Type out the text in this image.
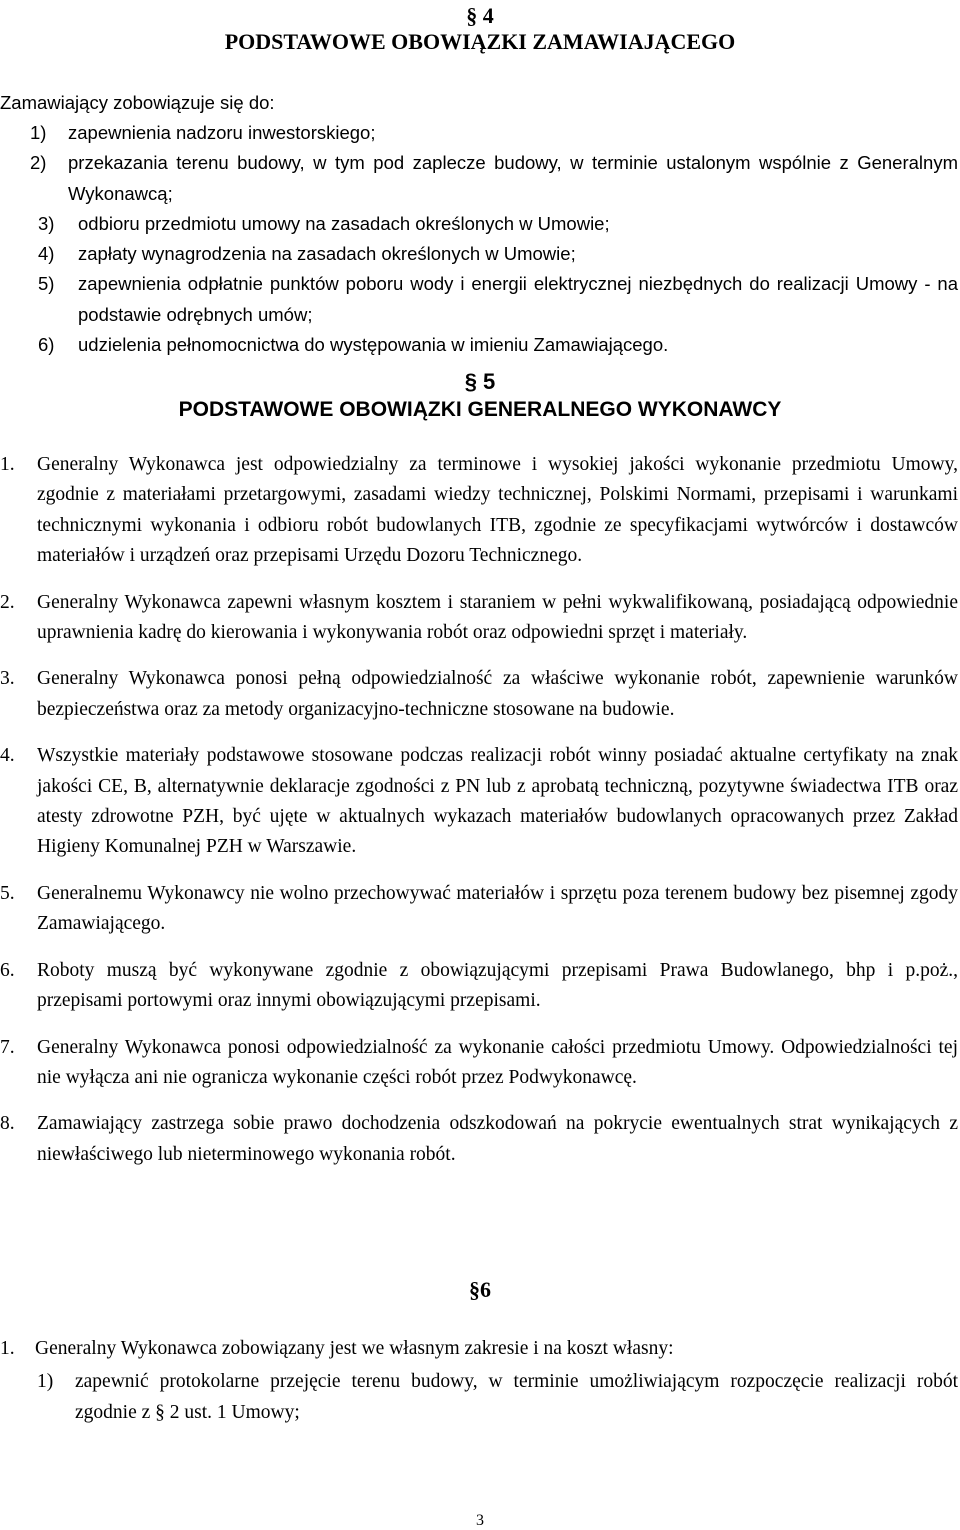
§ 4
PODSTAWOWE OBOWIĄZKI ZAMAWIAJĄCEGO
Zamawiający zobowiązuje się do:
1) zapewnienia nadzoru inwestorskiego;
2) przekazania terenu budowy, w tym pod zaplecze budowy, w terminie ustalonym wspólnie z Generalnym Wykonawcą;
3) odbioru przedmiotu umowy na zasadach określonych w Umowie;
4) zapłaty wynagrodzenia na zasadach określonych w Umowie;
5) zapewnienia odpłatnie punktów poboru wody i energii elektrycznej niezbędnych do realizacji Umowy - na podstawie odrębnych umów;
6) udzielenia pełnomocnictwa do występowania w imieniu Zamawiającego.
§ 5
PODSTAWOWE OBOWIĄZKI GENERALNEGO WYKONAWCY
1. Generalny Wykonawca jest odpowiedzialny za terminowe i wysokiej jakości wykonanie przedmiotu Umowy, zgodnie z materiałami przetargowymi, zasadami wiedzy technicznej, Polskimi Normami, przepisami i warunkami technicznymi wykonania i odbioru robót budowlanych ITB, zgodnie ze specyfikacjami wytwórców i dostawców materiałów i urządzeń oraz przepisami Urzędu Dozoru Technicznego.
2. Generalny Wykonawca zapewni własnym kosztem i staraniem w pełni wykwalifikowaną, posiadającą odpowiednie uprawnienia kadrę do kierowania i wykonywania robót oraz odpowiedni sprzęt i materiały.
3. Generalny Wykonawca ponosi pełną odpowiedzialność za właściwe wykonanie robót, zapewnienie warunków bezpieczeństwa oraz za metody organizacyjno-techniczne stosowane na budowie.
4. Wszystkie materiały podstawowe stosowane podczas realizacji robót winny posiadać aktualne certyfikaty na znak jakości CE, B, alternatywnie deklaracje zgodności z PN lub z aprobatą techniczną, pozytywne świadectwa ITB oraz atesty zdrowotne PZH, być ujęte w aktualnych wykazach materiałów budowlanych opracowanych przez Zakład Higieny Komunalnej PZH w Warszawie.
5. Generalnemu Wykonawcy nie wolno przechowywać materiałów i sprzętu poza terenem budowy bez pisemnej zgody Zamawiającego.
6. Roboty muszą być wykonywane zgodnie z obowiązującymi przepisami Prawa Budowlanego, bhp i p.poż., przepisami portowymi oraz innymi obowiązującymi przepisami.
7. Generalny Wykonawca ponosi odpowiedzialność za wykonanie całości przedmiotu Umowy. Odpowiedzialności tej nie wyłącza ani nie ogranicza wykonanie części robót przez Podwykonawcę.
8. Zamawiający zastrzega sobie prawo dochodzenia odszkodowań na pokrycie ewentualnych strat wynikających z niewłaściwego lub nieterminowego wykonania robót.
§6
1. Generalny Wykonawca zobowiązany jest we własnym zakresie i na koszt własny:
1) zapewnić protokolarne przejęcie terenu budowy, w terminie umożliwiającym rozpoczęcie realizacji robót zgodnie z § 2 ust. 1 Umowy;
3
